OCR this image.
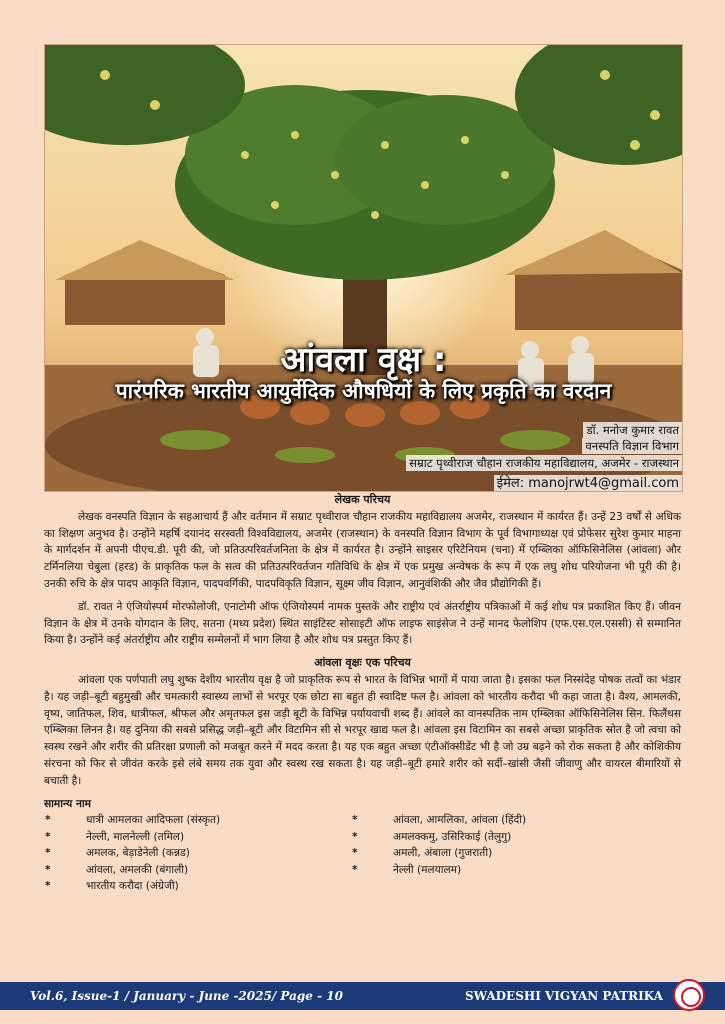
आंवला वृक्ष :
पारंपरिक भारतीय आयुर्वेदिक औषधियों के लिए प्रकृति का वरदान
डॉ. मनोज कुमार रावत
वनस्पति विज्ञान विभाग
सम्राट पृथ्वीराज चौहान राजकीय महाविद्यालय, अजमेर - राजस्थान
ईमेल: manojrwt4@gmail.com
लेखक परिचय

लेखक वनस्पति विज्ञान के सहआचार्य हैं और वर्तमान में सम्राट पृथ्वीराज चौहान राजकीय महाविद्यालय अजमेर, राजस्थान में कार्यरत हैं। उन्हें 23 वर्षों से अधिक का शिक्षण अनुभव है। उन्होंने महर्षि दयानंद सरस्वती विश्वविद्यालय, अजमेर (राजस्थान) के वनस्पति विज्ञान विभाग के पूर्व विभागाध्यक्ष एवं प्रोफेसर सुरेश कुमार माहना के मार्गदर्शन में अपनी पीएच.डी. पूरी की, जो प्रतिउत्परिवर्तजनिता के क्षेत्र में कार्यरत है। उन्होंने साइसर एरिटेनियम (चना) में एम्ब्लिका ऑफिसिनेलिस (आंवला) और टर्मिनलिया चेबुला (हरड) के प्राकृतिक फल के सत्व की प्रतिउत्परिवर्तजन गतिविधि के क्षेत्र में एक प्रमुख अन्वेषक के रूप में एक लघु शोध परियोजना भी पूरी की है। उनकी रुचि के क्षेत्र पादप आकृति विज्ञान, पादपवर्गिकी, पादपविकृति विज्ञान, सूक्ष्म जीव विज्ञान, आनुवंशिकी और जैव प्रौद्योगिकी हैं।

डॉ. रावत ने एंजियोस्पर्म मोरफोलोजी, एनाटोमी ऑफ एंजियोस्पर्म नामक पुस्तकें और राष्ट्रीय एवं अंतर्राष्ट्रीय पत्रिकाओं में कई शोध पत्र प्रकाशित किए हैं। जीवन विज्ञान के क्षेत्र में उनके योगदान के लिए, सतना (मध्य प्रदेश) स्थित साइंटिस्ट सोसाइटी ऑफ लाइफ साइंसेज ने उन्हें मानद फेलोशिप (एफ.एस.एल.एससी) से सम्मानित किया है। उन्होंने कई अंतर्राष्ट्रीय और राष्ट्रीय सम्मेलनों में भाग लिया है और शोध पत्र प्रस्तुत किए हैं।

आंवला वृक्षः एक परिचय

आंवला एक पर्णपाती लघु शुष्क देशीय भारतीय वृक्ष है जो प्राकृतिक रूप से भारत के विभिन्न भागों में पाया जाता है। इसका फल निस्संदेह पोषक तत्वों का भंडार है। यह जड़ी–बूटी बहुमुखी और चमत्कारी स्वास्थ्य लाभों से भरपूर एक छोटा सा बहुत ही स्वादिष्ट फल है। आंवला को भारतीय करौदा भी कहा जाता है। वैश्य, आमलकी, वृष्य, जातिफल, शिव, धात्रीफल, श्रीफल और अमृतफल इस जड़ी बूटी के विभिन्न पर्यायवाची शब्द हैं। आंवले का वानस्पतिक नाम एम्ब्लिका ऑफिसिनेलिस सिन. फिलैंथस एम्ब्लिका लिनन है। यह दुनिया की सबसे प्रसिद्ध जड़ी–बूटी और विटामिन सी से भरपूर खाद्य फल है। आंवला इस विटामिन का सबसे अच्छा प्राकृतिक स्रोत है जो त्वचा को स्वस्थ रखने और शरीर की प्रतिरक्षा प्रणाली को मजबूत करने में मदद करता है। यह एक बहुत अच्छा एंटीऑक्सीडेंट भी है जो उम्र बढ़ने को रोक सकता है और कोशिकीय संरचना को फिर से जीवंत करके इसे लंबे समय तक युवा और स्वस्थ रख सकता है। यह जड़ी–बूटी हमारे शरीर को सर्दी–खांसी जैसी जीवाणु और वायरल बीमारियों से बचाती है।

सामान्य नाम
* धात्री आमलका आदिफला (संस्कृत)	* आंवला, आमलिका, आंवला (हिंदी)
* नेल्ली, मालनेल्ली (तमिल)	* अमलक्कमु, उसिरिकाई (तेलुगु)
* अमलक, बेड़ाडेनेली (कन्नड)	* अमली, अंबाला (गुजराती)
* आंवला, अमलकी (बंगाली)	* नेल्ली (मलयालम)
* भारतीय करौदा (अंग्रेजी)
Vol.6, Issue-1 / January - June -2025/ Page - 10	SWADESHI VIGYAN PATRIKA
